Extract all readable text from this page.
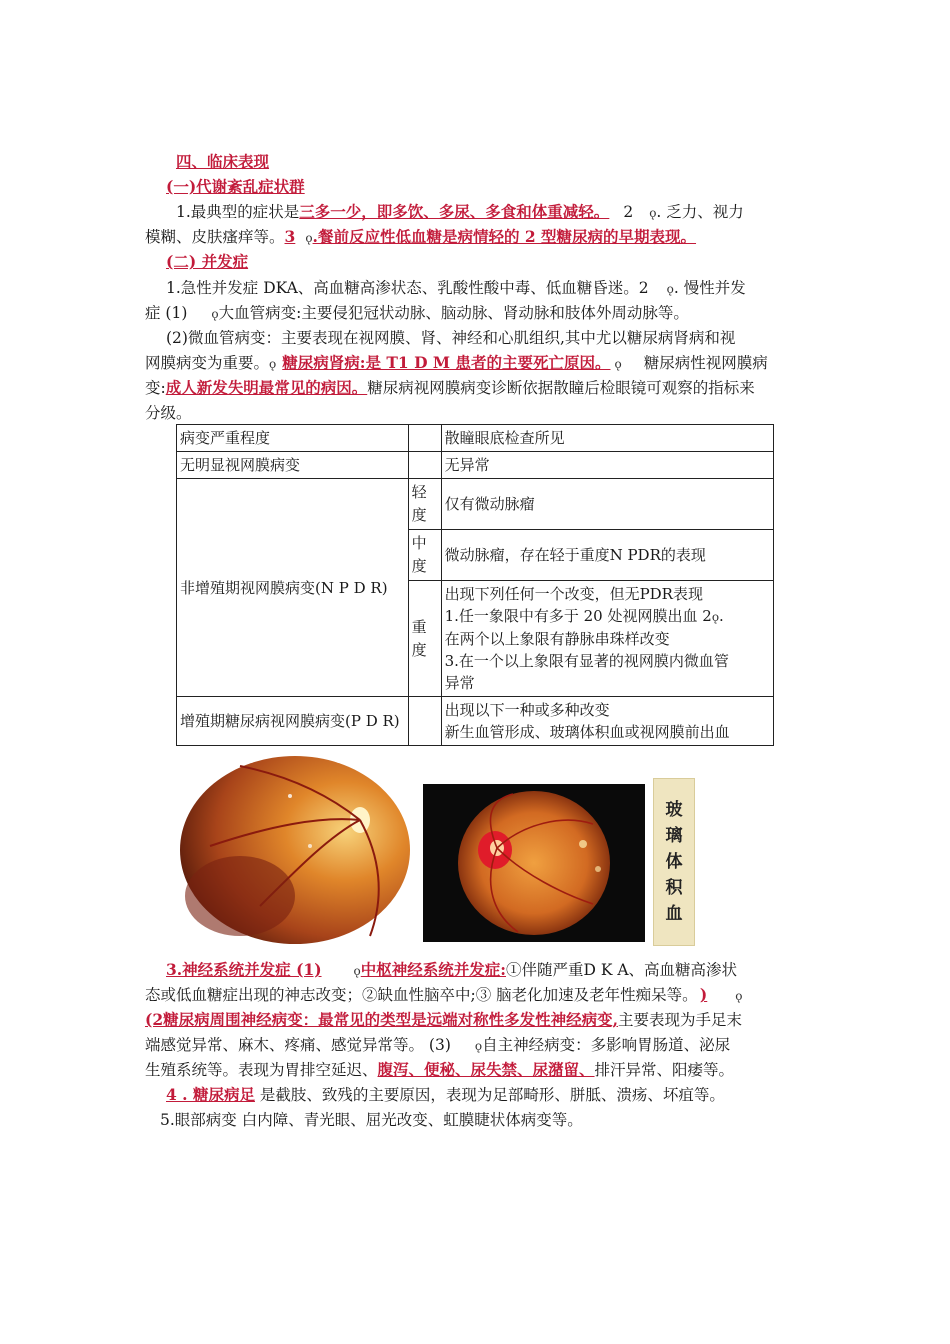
四、临床表现
(一)代谢紊乱症状群
1.最典型的症状是三多一少，即多饮、多尿、多食和体重减轻。 2 ǫ. 乏力、视力
模糊、皮肤瘙痒等。3 ǫ.餐前反应性低血糖是病情轻的 2 型糖尿病的早期表现。
(二) 并发症
1.急性并发症 DKA、高血糖高渗状态、乳酸性酸中毒、低血糖昏迷。2 ǫ. 慢性并发
症 (1) ǫ大血管病变:主要侵犯冠状动脉、脑动脉、肾动脉和肢体外周动脉等。
(2)微血管病变：主要表现在视网膜、肾、神经和心肌组织,其中尤以糖尿病肾病和视
网膜病变为重要。ǫ 糖尿病肾病:是 T1 D M 患者的主要死亡原因。 ǫ 糖尿病性视网膜病
变:成人新发失明最常见的病因。糖尿病视网膜病变诊断依据散瞳后检眼镜可观察的指标来
分级。
病变严重程度		散瞳眼底检查所见
无明显视网膜病变		无异常
非增殖期视网膜病变(N P D R)	轻度	仅有微动脉瘤
	中度	微动脉瘤，存在轻于重度N PDR的表现
	重度	出现下列任何一个改变，但无PDR表现
1.任一象限中有多于 20 处视网膜出血 2ǫ.
在两个以上象限有静脉串珠样改变
3.在一个以上象限有显著的视网膜内微血管
异常

增殖期糖尿病视网膜病变(P D R)		出现以下一种或多种改变
新生血管形成、玻璃体积血或视网膜前出血
玻
璃
体
积
血
3.神经系统并发症 (1)	ǫ中枢神经系统并发症:①伴随严重D K A、高血糖高渗状
态或低血糖症出现的神志改变；②缺血性脑卒中;③ 脑老化加速及老年性痴呆等。 ) ǫ
(2糖尿病周围神经病变：最常见的类型是远端对称性多发性神经病变,主要表现为手足末
端感觉异常、麻木、疼痛、感觉异常等。 (3) ǫ自主神经病变：多影响胃肠道、泌尿
生殖系统等。表现为胃排空延迟、腹泻、便秘、尿失禁、尿潴留、排汗异常、阳痿等。
4 . 糖尿病足 是截肢、致残的主要原因，表现为足部畸形、胼胝、溃疡、坏疽等。
5.眼部病变 白内障、青光眼、屈光改变、虹膜睫状体病变等。
